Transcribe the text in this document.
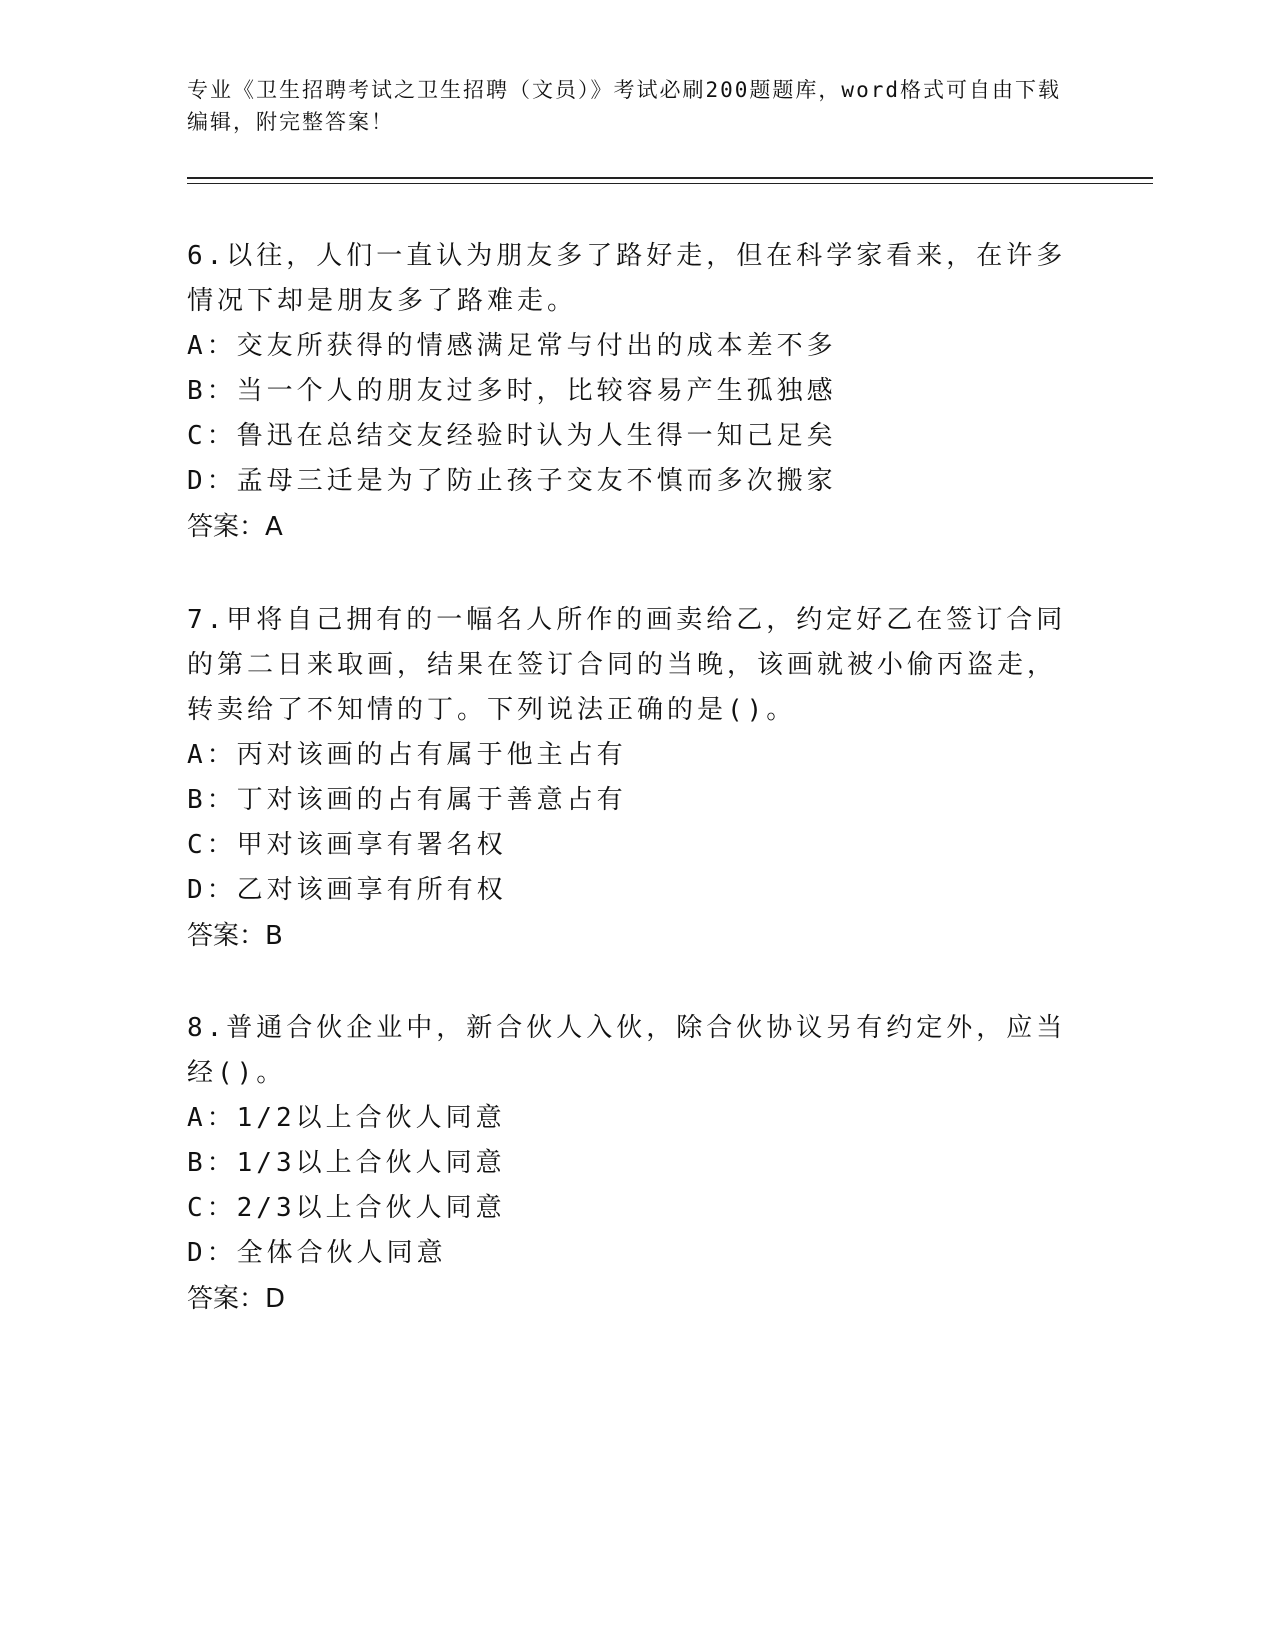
专业《卫生招聘考试之卫生招聘（文员）》考试必刷200题题库，word格式可自由下载编辑，附完整答案！

6.以往，人们一直认为朋友多了路好走，但在科学家看来，在许多情况下却是朋友多了路难走。

A：交友所获得的情感满足常与付出的成本差不多

B：当一个人的朋友过多时，比较容易产生孤独感

C：鲁迅在总结交友经验时认为人生得一知己足矣

D：孟母三迁是为了防止孩子交友不慎而多次搬家

答案：A

7.甲将自己拥有的一幅名人所作的画卖给乙，约定好乙在签订合同的第二日来取画，结果在签订合同的当晚，该画就被小偷丙盗走，转卖给了不知情的丁。下列说法正确的是()。

A：丙对该画的占有属于他主占有

B：丁对该画的占有属于善意占有

C：甲对该画享有署名权

D：乙对该画享有所有权

答案：B

8.普通合伙企业中，新合伙人入伙，除合伙协议另有约定外，应当经()。

A：1/2以上合伙人同意

B：1/3以上合伙人同意

C：2/3以上合伙人同意

D：全体合伙人同意

答案：D
